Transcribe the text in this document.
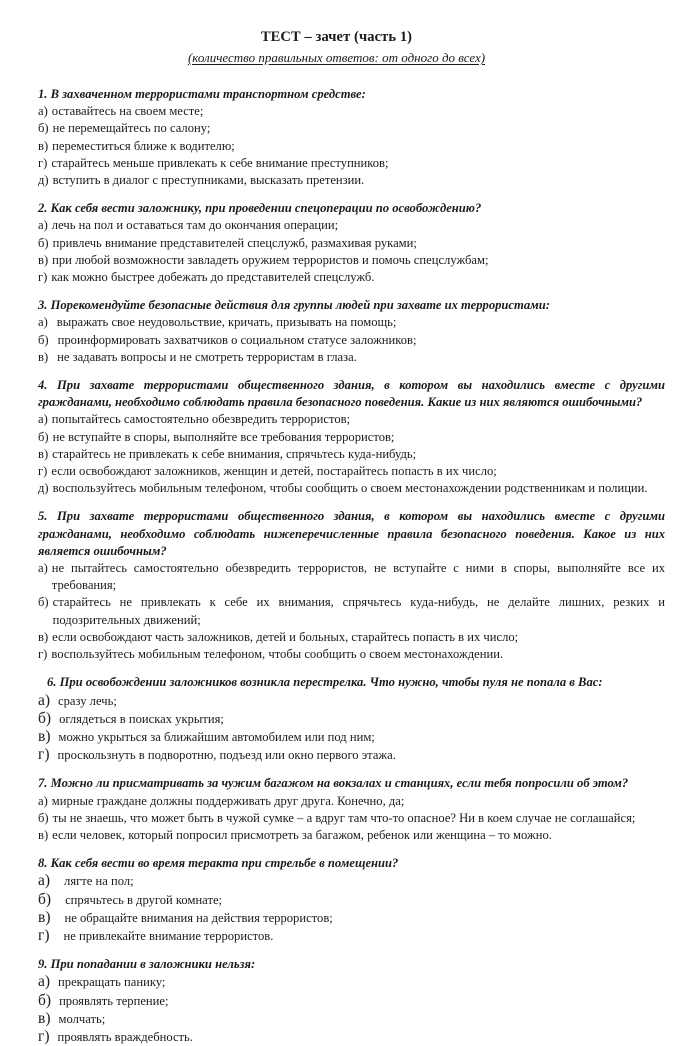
ТЕСТ – зачет (часть 1)
(количество правильных ответов: от одного до всех)
1. В захваченном террористами транспортном средстве:
а) оставайтесь на своем месте;
б) не перемещайтесь по салону;
в) переместиться ближе к водителю;
г) старайтесь меньше привлекать к себе внимание преступников;
д) вступить в диалог с преступниками, высказать претензии.
2. Как себя вести заложнику, при проведении спецоперации по освобождению?
а) лечь на пол и оставаться там до окончания операции;
б) привлечь внимание представителей спецслужб, размахивая руками;
в) при любой возможности завладеть оружием террористов и помочь спецслужбам;
г) как можно быстрее добежать до представителей спецслужб.
3. Порекомендуйте безопасные действия для группы людей при захвате их террористами:
а) выражать свое неудовольствие, кричать, призывать на помощь;
б) проинформировать захватчиков о социальном статусе заложников;
в) не задавать вопросы и не смотреть террористам в глаза.
4. При захвате террористами общественного здания, в котором вы находились вместе с другими гражданами, необходимо соблюдать правила безопасного поведения. Какие из них являются ошибочными?
а) попытайтесь самостоятельно обезвредить террористов;
б) не вступайте в споры, выполняйте все требования террористов;
в) старайтесь не привлекать к себе внимания, спрячьтесь куда-нибудь;
г) если освобождают заложников, женщин и детей, постарайтесь попасть в их число;
д) воспользуйтесь мобильным телефоном, чтобы сообщить о своем местонахождении родственникам и полиции.
5. При захвате террористами общественного здания, в котором вы находились вместе с другими гражданами, необходимо соблюдать нижеперечисленные правила безопасного поведения. Какое из них является ошибочным?
а) не пытайтесь самостоятельно обезвредить террористов, не вступайте с ними в споры, выполняйте все их требования;
б) старайтесь не привлекать к себе их внимания, спрячьтесь куда-нибудь, не делайте лишних, резких и подозрительных движений;
в) если освобождают часть заложников, детей и больных, старайтесь попасть в их число;
г) воспользуйтесь мобильным телефоном, чтобы сообщить о своем местонахождении.
6. При освобождении заложников возникла перестрелка. Что нужно, чтобы пуля не попала в Вас:
а) сразу лечь;
б) оглядеться в поисках укрытия;
в) можно укрыться за ближайшим автомобилем или под ним;
г) проскользнуть в подворотню, подъезд или окно первого этажа.
7. Можно ли присматривать за чужим багажом на вокзалах и станциях, если тебя попросили об этом?
а) мирные граждане должны поддерживать друг друга. Конечно, да;
б) ты не знаешь, что может быть в чужой сумке – а вдруг там что-то опасное? Ни в коем случае не соглашайся;
в) если человек, который попросил присмотреть за багажом, ребенок или женщина – то можно.
8. Как себя вести во время теракта при стрельбе в помещении?
а) лягте на пол;
б) спрячьтесь в другой комнате;
в) не обращайте внимания на действия террористов;
г) не привлекайте внимание террористов.
9. При попадании в заложники нельзя:
а) прекращать панику;
б) проявлять терпение;
в) молчать;
г) проявлять враждебность.
